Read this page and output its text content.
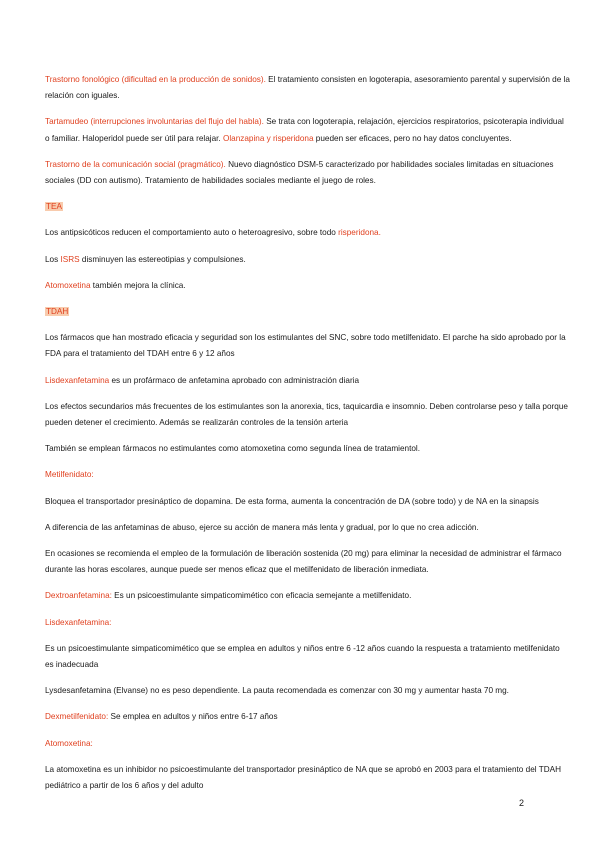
Trastorno fonológico (dificultad en la producción de sonidos). El tratamiento consisten en logoterapia, asesoramiento parental y supervisión de la relación con iguales.

Tartamudeo (interrupciones involuntarias del flujo del habla). Se trata con logoterapia, relajación, ejercicios respiratorios, psicoterapia individual o familiar. Haloperidol puede ser útil para relajar. Olanzapina y risperidona pueden ser eficaces, pero no hay datos concluyentes.

Trastorno de la comunicación social (pragmático). Nuevo diagnóstico DSM-5 caracterizado por habilidades sociales limitadas en situaciones sociales (DD con autismo). Tratamiento de habilidades sociales mediante el juego de roles.

TEA

Los antipsicóticos reducen el comportamiento auto o heteroagresivo, sobre todo risperidona.

Los ISRS disminuyen las estereotipias y compulsiones.

Atomoxetina también mejora la clínica.

TDAH

Los fármacos que han mostrado eficacia y seguridad son los estimulantes del SNC, sobre todo metilfenidato. El parche ha sido aprobado por la FDA para el tratamiento del TDAH entre 6 y 12 años

Lisdexanfetamina es un profármaco de anfetamina aprobado con administración diaria

Los efectos secundarios más frecuentes de los estimulantes son la anorexia, tics, taquicardia e insomnio. Deben controlarse peso y talla porque pueden detener el crecimiento. Además se realizarán controles de la tensión arteria

También se emplean fármacos no estimulantes como atomoxetina como segunda línea de tratamientol.

Metilfenidato:

Bloquea el transportador presináptico de dopamina. De esta forma, aumenta la concentración de DA (sobre todo) y de NA en la sinapsis

A diferencia de las anfetaminas de abuso, ejerce su acción de manera más lenta y gradual, por lo que no crea adicción.

En ocasiones se recomienda el empleo de la formulación de liberación sostenida (20 mg) para eliminar la necesidad de administrar el fármaco durante las horas escolares, aunque puede ser menos eficaz que el metilfenidato de liberación inmediata.

Dextroanfetamina: Es un psicoestimulante simpaticomimético con eficacia semejante a metilfenidato.

Lisdexanfetamina:

Es un psicoestimulante simpaticomimético que se emplea en adultos y niños entre 6 -12 años cuando la respuesta a tratamiento metilfenidato es inadecuada

Lysdesanfetamina (Elvanse) no es peso dependiente. La pauta recomendada es comenzar con 30 mg y aumentar hasta 70 mg.

Dexmetilfenidato: Se emplea en adultos y niños entre 6-17 años

Atomoxetina:

La atomoxetina es un inhibidor no psicoestimulante del transportador presináptico de NA que se aprobó en 2003 para el tratamiento del TDAH pediátrico a partir de los 6 años y del adulto

2
